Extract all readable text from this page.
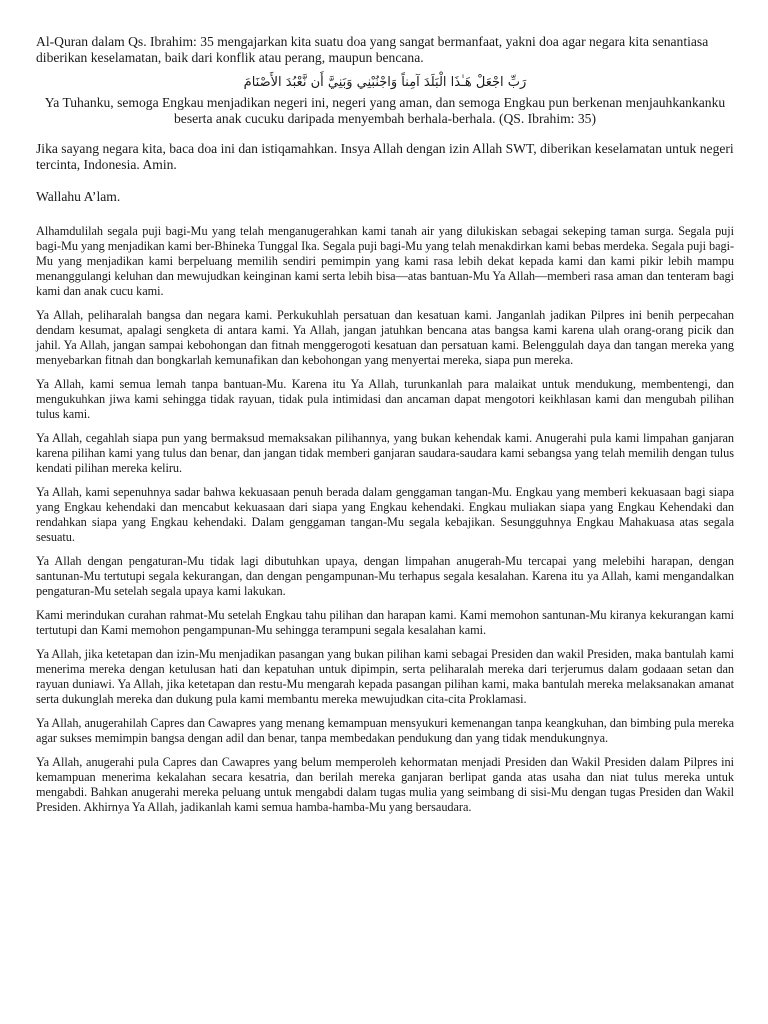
Al-Quran dalam Qs. Ibrahim: 35 mengajarkan kita suatu doa yang sangat bermanfaat, yakni doa agar negara kita senantiasa diberikan keselamatan, baik dari konflik atau perang, maupun bencana.

رَبِّ اجْعَلْ هَـٰذَا الْبَلَدَ آمِناً وَاجْنُبْنِي وَبَنِيَّ أَن نَّعْبُدَ الأَصْنَامَ

Ya Tuhanku, semoga Engkau menjadikan negeri ini, negeri yang aman, dan semoga Engkau pun berkenan menjauhkankanku beserta anak cucuku daripada menyembah berhala-berhala. (QS. Ibrahim: 35)

Jika sayang negara kita, baca doa ini dan istiqamahkan. Insya Allah dengan izin Allah SWT, diberikan keselamatan untuk negeri tercinta, Indonesia. Amin.

Wallahu A’lam.

Alhamdulilah segala puji bagi-Mu yang telah menganugerahkan kami tanah air yang dilukiskan sebagai sekeping taman surga. Segala puji bagi-Mu yang menjadikan kami ber-Bhineka Tunggal Ika. Segala puji bagi-Mu yang telah menakdirkan kami bebas merdeka. Segala puji bagi-Mu yang menjadikan kami berpeluang memilih sendiri pemimpin yang kami rasa lebih dekat kepada kami dan kami pikir lebih mampu menanggulangi keluhan dan mewujudkan keinginan kami serta lebih bisa—atas bantuan-Mu Ya Allah—memberi rasa aman dan tenteram bagi kami dan anak cucu kami.

Ya Allah, peliharalah bangsa dan negara kami. Perkukuhlah persatuan dan kesatuan kami. Janganlah jadikan Pilpres ini benih perpecahan dendam kesumat, apalagi sengketa di antara kami. Ya Allah, jangan jatuhkan bencana atas bangsa kami karena ulah orang-orang picik dan jahil. Ya Allah, jangan sampai kebohongan dan fitnah menggerogoti kesatuan dan persatuan kami. Belenggulah daya dan tangan mereka yang menyebarkan fitnah dan bongkarlah kemunafikan dan kebohongan yang menyertai mereka, siapa pun mereka.

Ya Allah, kami semua lemah tanpa bantuan-Mu. Karena itu Ya Allah, turunkanlah para malaikat untuk mendukung, membentengi, dan mengukuhkan jiwa kami sehingga tidak rayuan, tidak pula intimidasi dan ancaman dapat mengotori keikhlasan kami dan mengubah pilihan tulus kami.

Ya Allah, cegahlah siapa pun yang bermaksud memaksakan pilihannya, yang bukan kehendak kami. Anugerahi pula kami limpahan ganjaran karena pilihan kami yang tulus dan benar, dan jangan tidak memberi ganjaran saudara-saudara kami sebangsa yang telah memilih dengan tulus kendati pilihan mereka keliru.

Ya Allah, kami sepenuhnya sadar bahwa kekuasaan penuh berada dalam genggaman tangan-Mu. Engkau yang memberi kekuasaan bagi siapa yang Engkau kehendaki dan mencabut kekuasaan dari siapa yang Engkau kehendaki. Engkau muliakan siapa yang Engkau Kehendaki dan rendahkan siapa yang Engkau kehendaki. Dalam genggaman tangan-Mu segala kebajikan. Sesungguhnya Engkau Mahakuasa atas segala sesuatu.

Ya Allah dengan pengaturan-Mu tidak lagi dibutuhkan upaya, dengan limpahan anugerah-Mu tercapai yang melebihi harapan, dengan santunan-Mu tertutupi segala kekurangan, dan dengan pengampunan-Mu terhapus segala kesalahan. Karena itu ya Allah, kami mengandalkan pengaturan-Mu setelah segala upaya kami lakukan.

Kami merindukan curahan rahmat-Mu setelah Engkau tahu pilihan dan harapan kami. Kami memohon santunan-Mu kiranya kekurangan kami tertutupi dan Kami memohon pengampunan-Mu sehingga terampuni segala kesalahan kami.

Ya Allah, jika ketetapan dan izin-Mu menjadikan pasangan yang bukan pilihan kami sebagai Presiden dan wakil Presiden, maka bantulah kami menerima mereka dengan ketulusan hati dan kepatuhan untuk dipimpin, serta peliharalah mereka dari terjerumus dalam godaaan setan dan rayuan duniawi. Ya Allah, jika ketetapan dan restu-Mu mengarah kepada pasangan pilihan kami, maka bantulah mereka melaksanakan amanat serta dukunglah mereka dan dukung pula kami membantu mereka mewujudkan cita-cita Proklamasi.

Ya Allah, anugerahilah Capres dan Cawapres yang menang kemampuan mensyukuri kemenangan tanpa keangkuhan, dan bimbing pula mereka agar sukses memimpin bangsa dengan adil dan benar, tanpa membedakan pendukung dan yang tidak mendukungnya.

Ya Allah, anugerahi pula Capres dan Cawapres yang belum memperoleh kehormatan menjadi Presiden dan Wakil Presiden dalam Pilpres ini kemampuan menerima kekalahan secara kesatria, dan berilah mereka ganjaran berlipat ganda atas usaha dan niat tulus mereka untuk mengabdi. Bahkan anugerahi mereka peluang untuk mengabdi dalam tugas mulia yang seimbang di sisi-Mu dengan tugas Presiden dan Wakil Presiden. Akhirnya Ya Allah, jadikanlah kami semua hamba-hamba-Mu yang bersaudara.
